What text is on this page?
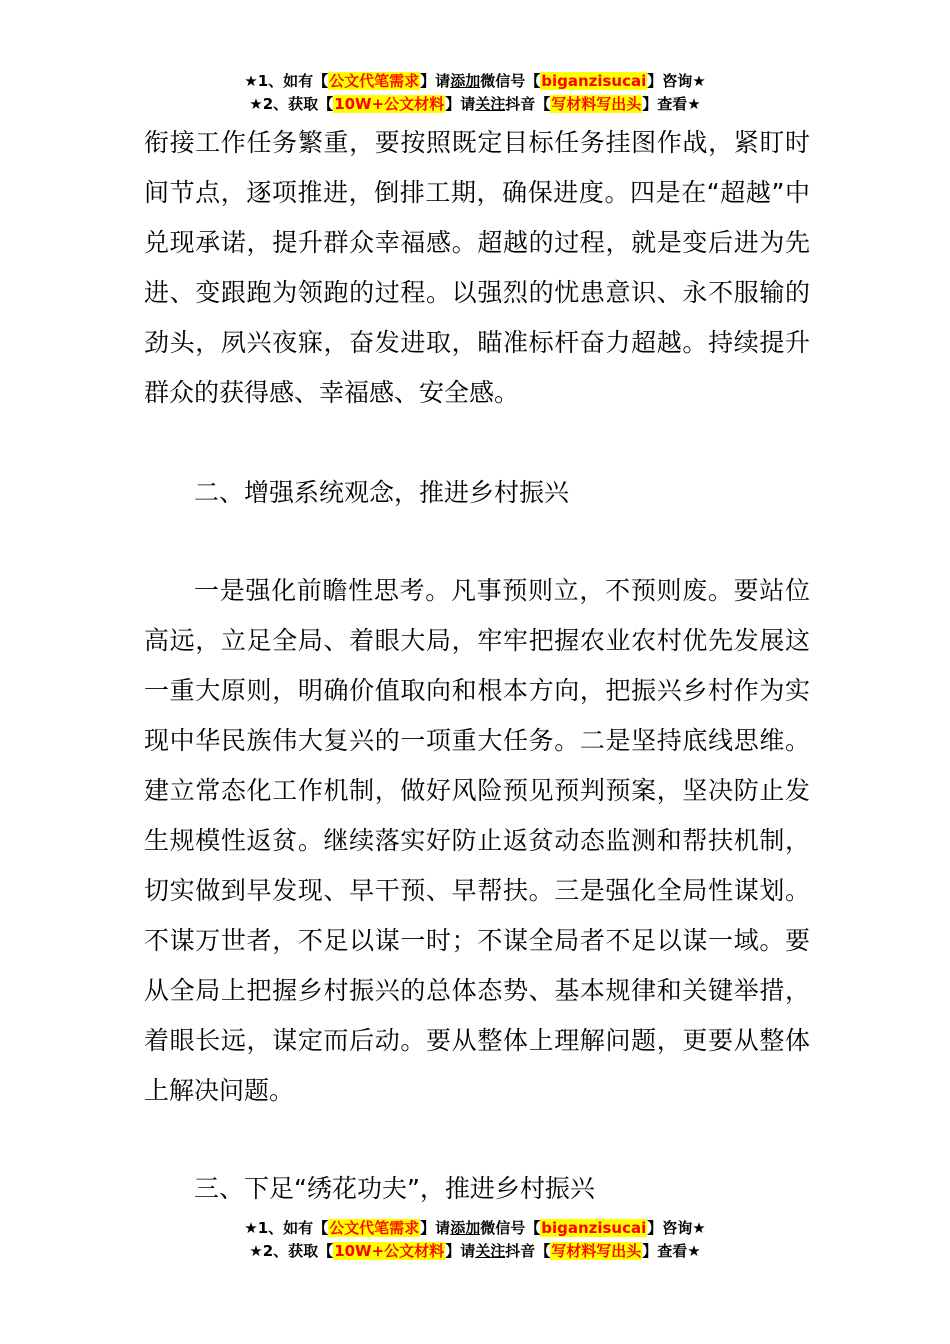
★1、如有【公文代笔需求】请添加微信号【biganzisucai】咨询★
★2、获取【10W+公文材料】请关注抖音【写材料写出头】查看★

衔接工作任务繁重，要按照既定目标任务挂图作战，紧盯时间节点，逐项推进，倒排工期，确保进度。四是在“超越”中兑现承诺，提升群众幸福感。超越的过程，就是变后进为先进、变跟跑为领跑的过程。以强烈的忧患意识、永不服输的劲头，夙兴夜寐，奋发进取，瞄准标杆奋力超越。持续提升群众的获得感、幸福感、安全感。

二、增强系统观念，推进乡村振兴

一是强化前瞻性思考。凡事预则立，不预则废。要站位高远，立足全局、着眼大局，牢牢把握农业农村优先发展这一重大原则，明确价值取向和根本方向，把振兴乡村作为实现中华民族伟大复兴的一项重大任务。二是坚持底线思维。建立常态化工作机制，做好风险预见预判预案，坚决防止发生规模性返贫。继续落实好防止返贫动态监测和帮扶机制，切实做到早发现、早干预、早帮扶。三是强化全局性谋划。不谋万世者，不足以谋一时；不谋全局者不足以谋一域。要从全局上把握乡村振兴的总体态势、基本规律和关键举措，着眼长远，谋定而后动。要从整体上理解问题，更要从整体上解决问题。

三、下足“绣花功夫”，推进乡村振兴

★1、如有【公文代笔需求】请添加微信号【biganzisucai】咨询★
★2、获取【10W+公文材料】请关注抖音【写材料写出头】查看★
